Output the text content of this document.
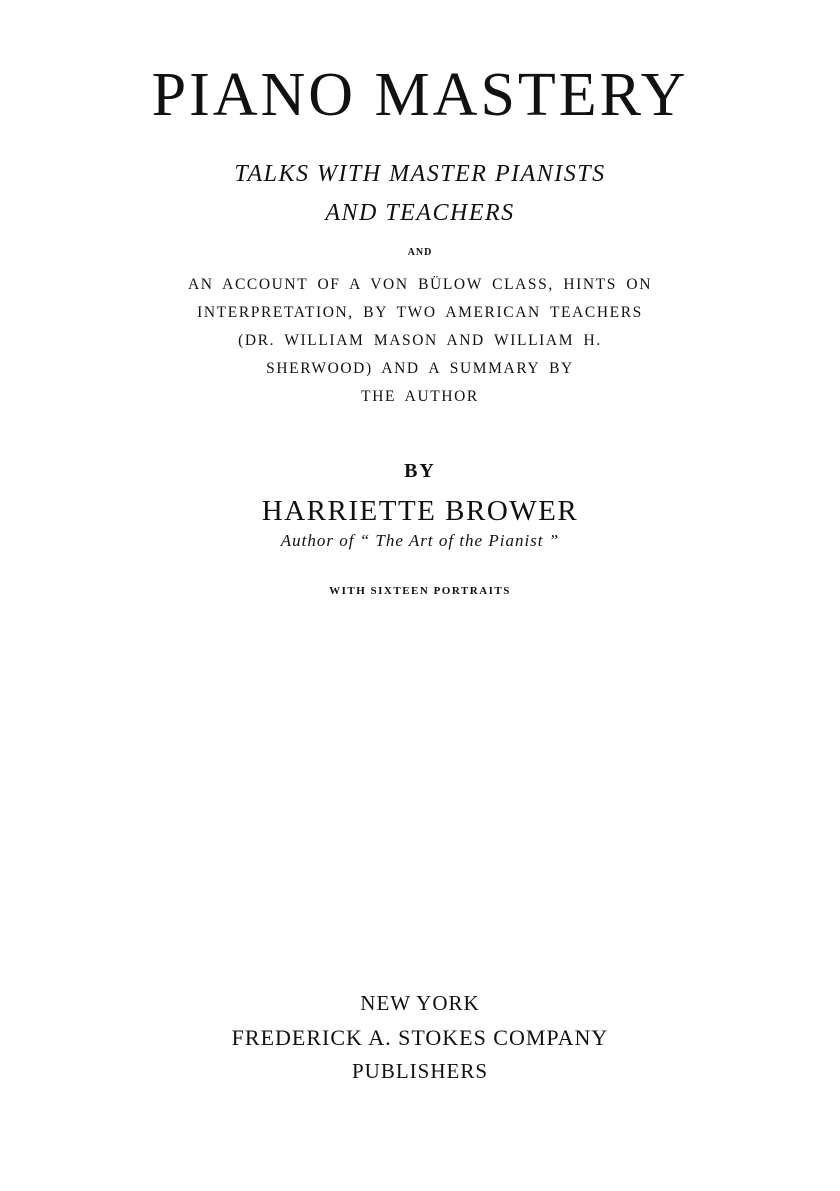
PIANO MASTERY
TALKS WITH MASTER PIANISTS
AND TEACHERS
AND
AN ACCOUNT OF A VON BÜLOW CLASS, HINTS ON
INTERPRETATION, BY TWO AMERICAN TEACHERS
(DR. WILLIAM MASON AND WILLIAM H.
SHERWOOD) AND A SUMMARY BY
THE AUTHOR
BY
HARRIETTE BROWER
Author of “ The Art of the Pianist ”
WITH SIXTEEN PORTRAITS
NEW YORK
FREDERICK A. STOKES COMPANY
PUBLISHERS
